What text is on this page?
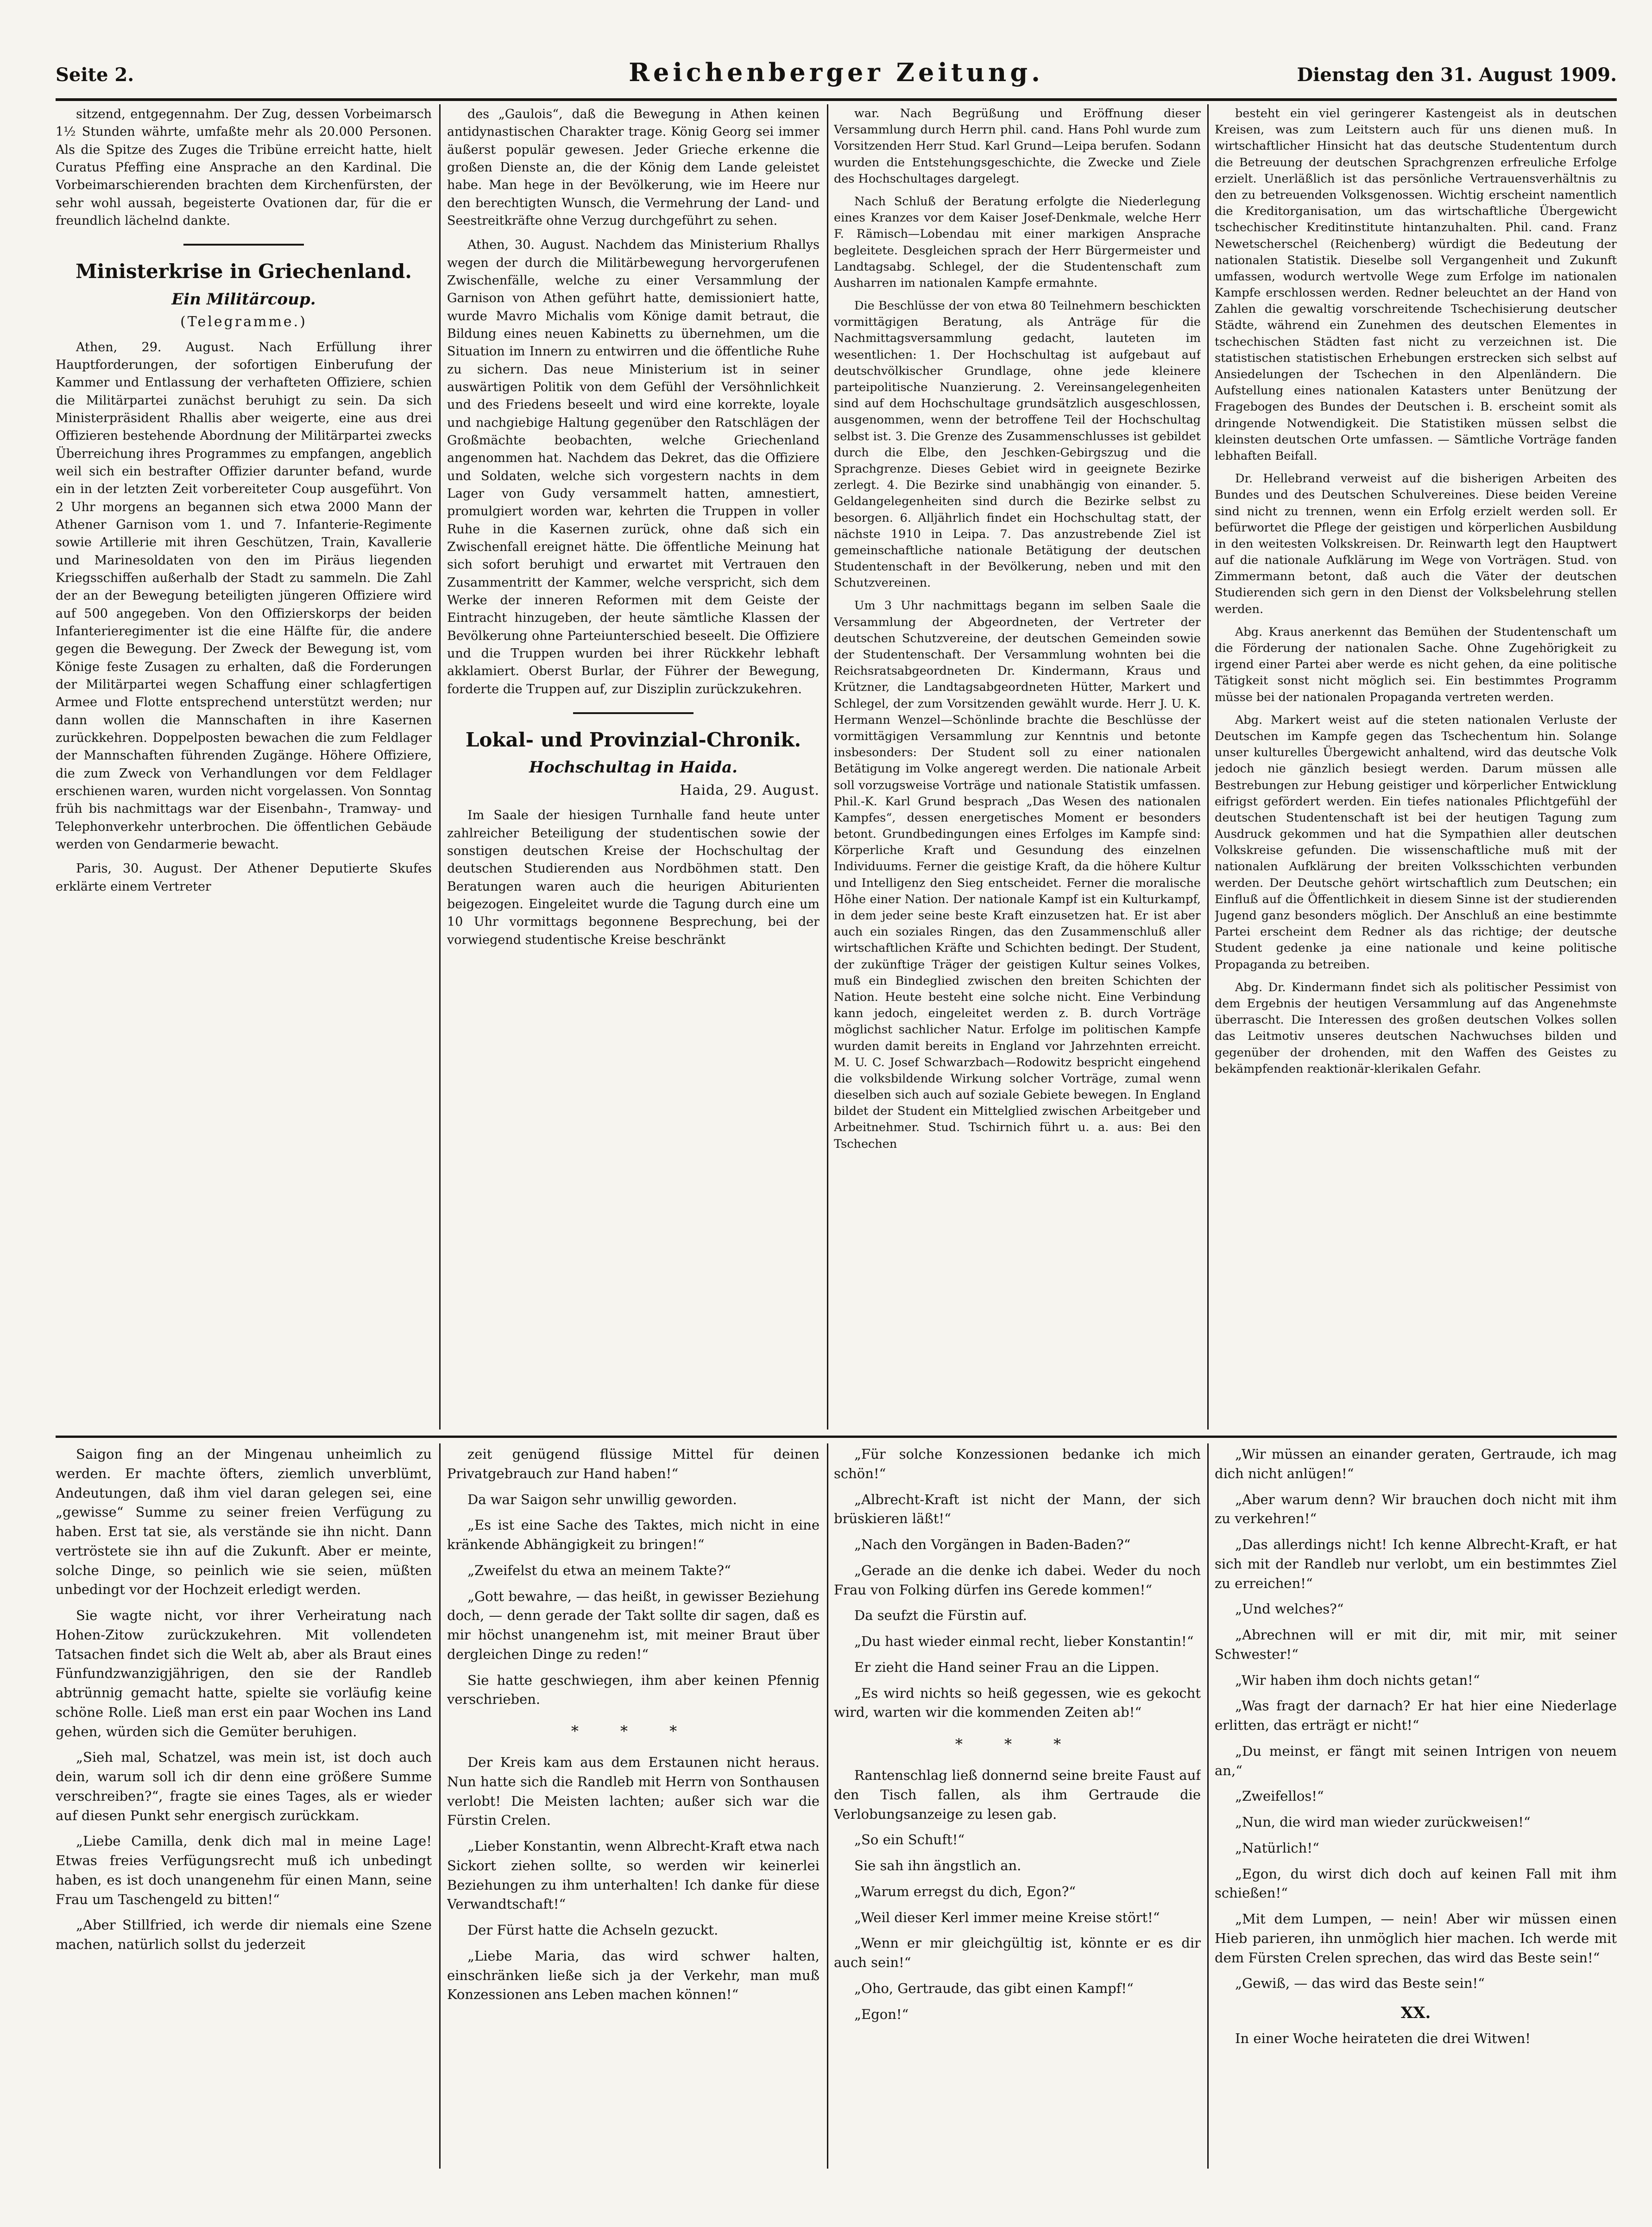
Seite 2.	Reichenberger Zeitung.	Dienstag den 31. August 1909.

sitzend, entgegennahm. Der Zug, dessen Vorbeimarsch 1½ Stunden währte, umfaßte mehr als 20.000 Personen. Als die Spitze des Zuges die Tribüne erreicht hatte, hielt Curatus Pfeffing eine Ansprache an den Kardinal. Die Vorbeimarschierenden brachten dem Kirchenfürsten, der sehr wohl aussah, begeisterte Ovationen dar, für die er freundlich lächelnd dankte.

Ministerkrise in Griechenland.
Ein Militärcoup.
(Telegramme.)

Athen, 29. August. Nach Erfüllung ihrer Hauptforderungen, der sofortigen Einberufung der Kammer und Entlassung der verhafteten Offiziere, schien die Militärpartei zunächst beruhigt zu sein. Da sich Ministerpräsident Rhallis aber weigerte, eine aus drei Offizieren bestehende Abordnung der Militärpartei zwecks Überreichung ihres Programmes zu empfangen, angeblich weil sich ein bestrafter Offizier darunter befand, wurde ein in der letzten Zeit vorbereiteter Coup ausgeführt. Von 2 Uhr morgens an begannen sich etwa 2000 Mann der Athener Garnison vom 1. und 7. Infanterie-Regimente sowie Artillerie mit ihren Geschützen, Train, Kavallerie und Marinesoldaten von den im Piräus liegenden Kriegsschiffen außerhalb der Stadt zu sammeln. Die Zahl der an der Bewegung beteiligten jüngeren Offiziere wird auf 500 angegeben. Von den Offizierskorps der beiden Infanterieregimenter ist die eine Hälfte für, die andere gegen die Bewegung. Der Zweck der Bewegung ist, vom Könige feste Zusagen zu erhalten, daß die Forderungen der Militärpartei wegen Schaffung einer schlagfertigen Armee und Flotte entsprechend unterstützt werden; nur dann wollen die Mannschaften in ihre Kasernen zurückkehren. Doppelposten bewachen die zum Feldlager der Mannschaften führenden Zugänge. Höhere Offiziere, die zum Zweck von Verhandlungen vor dem Feldlager erschienen waren, wurden nicht vorgelassen. Von Sonntag früh bis nachmittags war der Eisenbahn-, Tramway- und Telephonverkehr unterbrochen. Die öffentlichen Gebäude werden von Gendarmerie bewacht.

Paris, 30. August. Der Athener Deputierte Skufes erklärte einem Vertreter

des „Gaulois“, daß die Bewegung in Athen keinen antidynastischen Charakter trage. König Georg sei immer äußerst populär gewesen. Jeder Grieche erkenne die großen Dienste an, die der König dem Lande geleistet habe. Man hege in der Bevölkerung, wie im Heere nur den berechtigten Wunsch, die Vermehrung der Land- und Seestreitkräfte ohne Verzug durchgeführt zu sehen.

Athen, 30. August. Nachdem das Ministerium Rhallys wegen der durch die Militärbewegung hervorgerufenen Zwischenfälle, welche zu einer Versammlung der Garnison von Athen geführt hatte, demissioniert hatte, wurde Mavro Michalis vom Könige damit betraut, die Bildung eines neuen Kabinetts zu übernehmen, um die Situation im Innern zu entwirren und die öffentliche Ruhe zu sichern. Das neue Ministerium ist in seiner auswärtigen Politik von dem Gefühl der Versöhnlichkeit und des Friedens beseelt und wird eine korrekte, loyale und nachgiebige Haltung gegenüber den Ratschlägen der Großmächte beobachten, welche Griechenland angenommen hat. Nachdem das Dekret, das die Offiziere und Soldaten, welche sich vorgestern nachts in dem Lager von Gudy versammelt hatten, amnestiert, promulgiert worden war, kehrten die Truppen in voller Ruhe in die Kasernen zurück, ohne daß sich ein Zwischenfall ereignet hätte. Die öffentliche Meinung hat sich sofort beruhigt und erwartet mit Vertrauen den Zusammentritt der Kammer, welche verspricht, sich dem Werke der inneren Reformen mit dem Geiste der Eintracht hinzugeben, der heute sämtliche Klassen der Bevölkerung ohne Parteiunterschied beseelt. Die Offiziere und die Truppen wurden bei ihrer Rückkehr lebhaft akklamiert. Oberst Burlar, der Führer der Bewegung, forderte die Truppen auf, zur Disziplin zurückzukehren.

Lokal- und Provinzial-Chronik.
Hochschultag in Haida.
Haida, 29. August.

Im Saale der hiesigen Turnhalle fand heute unter zahlreicher Beteiligung der studentischen sowie der sonstigen deutschen Kreise der Hochschultag der deutschen Studierenden aus Nordböhmen statt. Den Beratungen waren auch die heurigen Abiturienten beigezogen. Eingeleitet wurde die Tagung durch eine um 10 Uhr vormittags begonnene Besprechung, bei der vorwiegend studentische Kreise beschränkt

war. Nach Begrüßung und Eröffnung dieser Versammlung durch Herrn phil. cand. Hans Pohl wurde zum Vorsitzenden Herr Stud. Karl Grund—Leipa berufen. Sodann wurden die Entstehungsgeschichte, die Zwecke und Ziele des Hochschultages dargelegt.

Nach Schluß der Beratung erfolgte die Niederlegung eines Kranzes vor dem Kaiser Josef-Denkmale, welche Herr F. Rämisch—Lobendau mit einer markigen Ansprache begleitete. Desgleichen sprach der Herr Bürgermeister und Landtagsabg. Schlegel, der die Studentenschaft zum Ausharren im nationalen Kampfe ermahnte.

Die Beschlüsse der von etwa 80 Teilnehmern beschickten vormittägigen Beratung, als Anträge für die Nachmittagsversammlung gedacht, lauteten im wesentlichen: 1. Der Hochschultag ist aufgebaut auf deutschvölkischer Grundlage, ohne jede kleinere parteipolitische Nuanzierung. 2. Vereinsangelegenheiten sind auf dem Hochschultage grundsätzlich ausgeschlossen, ausgenommen, wenn der betroffene Teil der Hochschultag selbst ist. 3. Die Grenze des Zusammenschlusses ist gebildet durch die Elbe, den Jeschken-Gebirgszug und die Sprachgrenze. Dieses Gebiet wird in geeignete Bezirke zerlegt. 4. Die Bezirke sind unabhängig von einander. 5. Geldangelegenheiten sind durch die Bezirke selbst zu besorgen. 6. Alljährlich findet ein Hochschultag statt, der nächste 1910 in Leipa. 7. Das anzustrebende Ziel ist gemeinschaftliche nationale Betätigung der deutschen Studentenschaft in der Bevölkerung, neben und mit den Schutzvereinen.

Um 3 Uhr nachmittags begann im selben Saale die Versammlung der Abgeordneten, der Vertreter der deutschen Schutzvereine, der deutschen Gemeinden sowie der Studentenschaft. Der Versammlung wohnten bei die Reichsratsabgeordneten Dr. Kindermann, Kraus und Krützner, die Landtagsabgeordneten Hütter, Markert und Schlegel, der zum Vorsitzenden gewählt wurde. Herr J. U. K. Hermann Wenzel—Schönlinde brachte die Beschlüsse der vormittägigen Versammlung zur Kenntnis und betonte insbesonders: Der Student soll zu einer nationalen Betätigung im Volke angeregt werden. Die nationale Arbeit soll vorzugsweise Vorträge und nationale Statistik umfassen. Phil.-K. Karl Grund besprach „Das Wesen des nationalen Kampfes“, dessen energetisches Moment er besonders betont. Grundbedingungen eines Erfolges im Kampfe sind: Körperliche Kraft und Gesundung des einzelnen Individuums. Ferner die geistige Kraft, da die höhere Kultur und Intelligenz den Sieg entscheidet. Ferner die moralische Höhe einer Nation. Der nationale Kampf ist ein Kulturkampf, in dem jeder seine beste Kraft einzusetzen hat. Er ist aber auch ein soziales Ringen, das den Zusammenschluß aller wirtschaftlichen Kräfte und Schichten bedingt. Der Student, der zukünftige Träger der geistigen Kultur seines Volkes, muß ein Bindeglied zwischen den breiten Schichten der Nation. Heute besteht eine solche nicht. Eine Verbindung kann jedoch, eingeleitet werden z. B. durch Vorträge möglichst sachlicher Natur. Erfolge im politischen Kampfe wurden damit bereits in England vor Jahrzehnten erreicht. M. U. C. Josef Schwarzbach—Rodowitz bespricht eingehend die volksbildende Wirkung solcher Vorträge, zumal wenn dieselben sich auch auf soziale Gebiete bewegen. In England bildet der Student ein Mittelglied zwischen Arbeitgeber und Arbeitnehmer. Stud. Tschirnich führt u. a. aus: Bei den Tschechen

besteht ein viel geringerer Kastengeist als in deutschen Kreisen, was zum Leitstern auch für uns dienen muß. In wirtschaftlicher Hinsicht hat das deutsche Studententum durch die Betreuung der deutschen Sprachgrenzen erfreuliche Erfolge erzielt. Unerläßlich ist das persönliche Vertrauensverhältnis zu den zu betreuenden Volksgenossen. Wichtig erscheint namentlich die Kreditorganisation, um das wirtschaftliche Übergewicht tschechischer Kreditinstitute hintanzuhalten. Phil. cand. Franz Newetscherschel (Reichenberg) würdigt die Bedeutung der nationalen Statistik. Dieselbe soll Vergangenheit und Zukunft umfassen, wodurch wertvolle Wege zum Erfolge im nationalen Kampfe erschlossen werden. Redner beleuchtet an der Hand von Zahlen die gewaltig vorschreitende Tschechisierung deutscher Städte, während ein Zunehmen des deutschen Elementes in tschechischen Städten fast nicht zu verzeichnen ist. Die statistischen statistischen Erhebungen erstrecken sich selbst auf Ansiedelungen der Tschechen in den Alpenländern. Die Aufstellung eines nationalen Katasters unter Benützung der Fragebogen des Bundes der Deutschen i. B. erscheint somit als dringende Notwendigkeit. Die Statistiken müssen selbst die kleinsten deutschen Orte umfassen. — Sämtliche Vorträge fanden lebhaften Beifall.

Dr. Hellebrand verweist auf die bisherigen Arbeiten des Bundes und des Deutschen Schulvereines. Diese beiden Vereine sind nicht zu trennen, wenn ein Erfolg erzielt werden soll. Er befürwortet die Pflege der geistigen und körperlichen Ausbildung in den weitesten Volkskreisen. Dr. Reinwarth legt den Hauptwert auf die nationale Aufklärung im Wege von Vorträgen. Stud. von Zimmermann betont, daß auch die Väter der deutschen Studierenden sich gern in den Dienst der Volksbelehrung stellen werden.

Abg. Kraus anerkennt das Bemühen der Studentenschaft um die Förderung der nationalen Sache. Ohne Zugehörigkeit zu irgend einer Partei aber werde es nicht gehen, da eine politische Tätigkeit sonst nicht möglich sei. Ein bestimmtes Programm müsse bei der nationalen Propaganda vertreten werden.

Abg. Markert weist auf die steten nationalen Verluste der Deutschen im Kampfe gegen das Tschechentum hin. Solange unser kulturelles Übergewicht anhaltend, wird das deutsche Volk jedoch nie gänzlich besiegt werden. Darum müssen alle Bestrebungen zur Hebung geistiger und körperlicher Entwicklung eifrigst gefördert werden. Ein tiefes nationales Pflichtgefühl der deutschen Studentenschaft ist bei der heutigen Tagung zum Ausdruck gekommen und hat die Sympathien aller deutschen Volkskreise gefunden. Die wissenschaftliche muß mit der nationalen Aufklärung der breiten Volksschichten verbunden werden. Der Deutsche gehört wirtschaftlich zum Deutschen; ein Einfluß auf die Öffentlichkeit in diesem Sinne ist der studierenden Jugend ganz besonders möglich. Der Anschluß an eine bestimmte Partei erscheint dem Redner als das richtige; der deutsche Student gedenke ja eine nationale und keine politische Propaganda zu betreiben.

Abg. Dr. Kindermann findet sich als politischer Pessimist von dem Ergebnis der heutigen Versammlung auf das Angenehmste überrascht. Die Interessen des großen deutschen Volkes sollen das Leitmotiv unseres deutschen Nachwuchses bilden und gegenüber der drohenden, mit den Waffen des Geistes zu bekämpfenden reaktionär-klerikalen Gefahr.

Saigon fing an der Mingenau unheimlich zu werden. Er machte öfters, ziemlich unverblümt, Andeutungen, daß ihm viel daran gelegen sei, eine „gewisse“ Summe zu seiner freien Verfügung zu haben. Erst tat sie, als verstände sie ihn nicht. Dann vertröstete sie ihn auf die Zukunft. Aber er meinte, solche Dinge, so peinlich wie sie seien, müßten unbedingt vor der Hochzeit erledigt werden.

Sie wagte nicht, vor ihrer Verheiratung nach Hohen-Zitow zurückzukehren. Mit vollendeten Tatsachen findet sich die Welt ab, aber als Braut eines Fünfundzwanzigjährigen, den sie der Randleb abtrünnig gemacht hatte, spielte sie vorläufig keine schöne Rolle. Ließ man erst ein paar Wochen ins Land gehen, würden sich die Gemüter beruhigen.

„Sieh mal, Schatzel, was mein ist, ist doch auch dein, warum soll ich dir denn eine größere Summe verschreiben?“, fragte sie eines Tages, als er wieder auf diesen Punkt sehr energisch zurückkam.

„Liebe Camilla, denk dich mal in meine Lage! Etwas freies Verfügungsrecht muß ich unbedingt haben, es ist doch unangenehm für einen Mann, seine Frau um Taschengeld zu bitten!“

„Aber Stillfried, ich werde dir niemals eine Szene machen, natürlich sollst du jederzeit

zeit genügend flüssige Mittel für deinen Privatgebrauch zur Hand haben!“

Da war Saigon sehr unwillig geworden.

„Es ist eine Sache des Taktes, mich nicht in eine kränkende Abhängigkeit zu bringen!“

„Zweifelst du etwa an meinem Takte?“

„Gott bewahre, — das heißt, in gewisser Beziehung doch, — denn gerade der Takt sollte dir sagen, daß es mir höchst unangenehm ist, mit meiner Braut über dergleichen Dinge zu reden!“

Sie hatte geschwiegen, ihm aber keinen Pfennig verschrieben.

* * *

Der Kreis kam aus dem Erstaunen nicht heraus. Nun hatte sich die Randleb mit Herrn von Sonthausen verlobt! Die Meisten lachten; außer sich war die Fürstin Crelen.

„Lieber Konstantin, wenn Albrecht-Kraft etwa nach Sickort ziehen sollte, so werden wir keinerlei Beziehungen zu ihm unterhalten! Ich danke für diese Verwandtschaft!“

Der Fürst hatte die Achseln gezuckt.

„Liebe Maria, das wird schwer halten, einschränken ließe sich ja der Verkehr, man muß Konzessionen ans Leben machen können!“

„Für solche Konzessionen bedanke ich mich schön!“

„Albrecht-Kraft ist nicht der Mann, der sich brüskieren läßt!“

„Nach den Vorgängen in Baden-Baden?“

„Gerade an die denke ich dabei. Weder du noch Frau von Folking dürfen ins Gerede kommen!“

Da seufzt die Fürstin auf.

„Du hast wieder einmal recht, lieber Konstantin!“

Er zieht die Hand seiner Frau an die Lippen.

„Es wird nichts so heiß gegessen, wie es gekocht wird, warten wir die kommenden Zeiten ab!“

* * *

Rantenschlag ließ donnernd seine breite Faust auf den Tisch fallen, als ihm Gertraude die Verlobungsanzeige zu lesen gab.

„So ein Schuft!“

Sie sah ihn ängstlich an.

„Warum erregst du dich, Egon?“

„Weil dieser Kerl immer meine Kreise stört!“

„Wenn er mir gleichgültig ist, könnte er es dir auch sein!“

„Oho, Gertraude, das gibt einen Kampf!“

„Egon!“

„Wir müssen an einander geraten, Gertraude, ich mag dich nicht anlügen!“

„Aber warum denn? Wir brauchen doch nicht mit ihm zu verkehren!“

„Das allerdings nicht! Ich kenne Albrecht-Kraft, er hat sich mit der Randleb nur verlobt, um ein bestimmtes Ziel zu erreichen!“

„Und welches?“

„Abrechnen will er mit dir, mit mir, mit seiner Schwester!“

„Wir haben ihm doch nichts getan!“

„Was fragt der darnach? Er hat hier eine Niederlage erlitten, das erträgt er nicht!“

„Du meinst, er fängt mit seinen Intrigen von neuem an,“

„Zweifellos!“

„Nun, die wird man wieder zurückweisen!“

„Natürlich!“

„Egon, du wirst dich doch auf keinen Fall mit ihm schießen!“

„Mit dem Lumpen, — nein! Aber wir müssen einen Hieb parieren, ihn unmöglich hier machen. Ich werde mit dem Fürsten Crelen sprechen, das wird das Beste sein!“

„Gewiß, — das wird das Beste sein!“

XX.

In einer Woche heirateten die drei Witwen!
